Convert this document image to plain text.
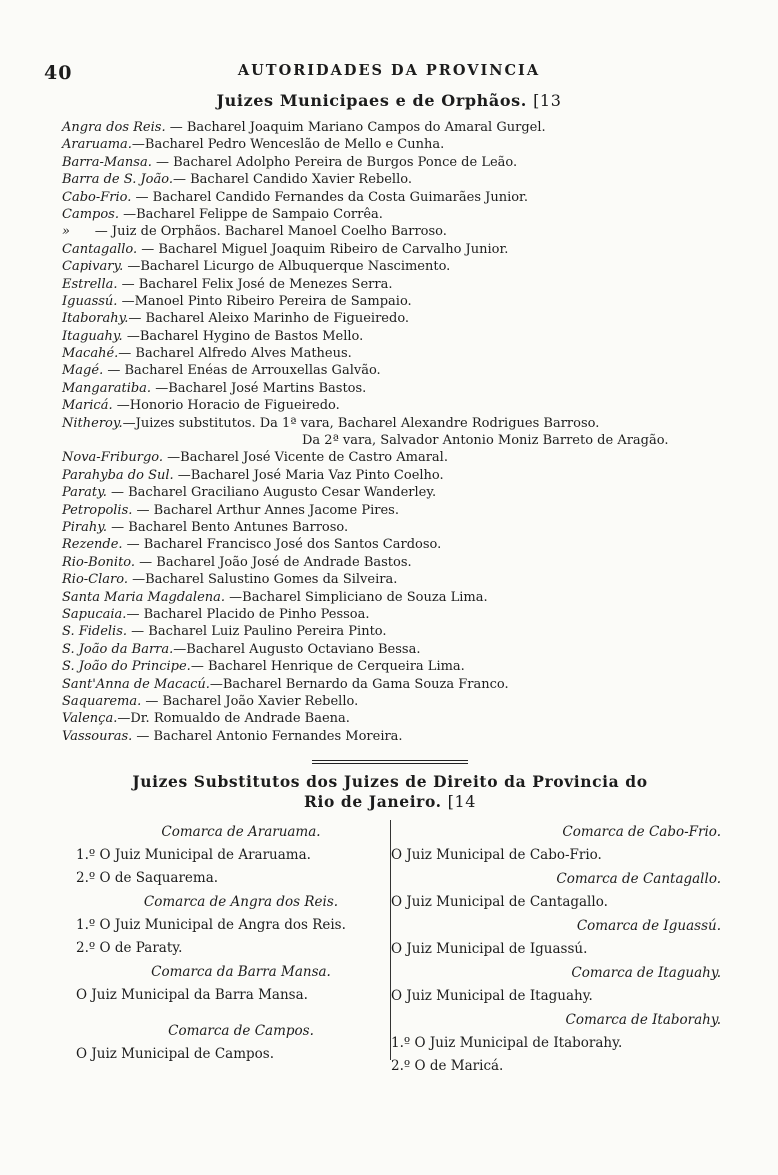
40	AUTORIDADES DA PROVINCIA
Juizes Municipaes e de Orphãos. [13
Angra dos Reis. — Bacharel Joaquim Mariano Campos do Amaral Gurgel.
Araruama.—Bacharel Pedro Wenceslão de Mello e Cunha.
Barra-Mansa. — Bacharel Adolpho Pereira de Burgos Ponce de Leão.
Barra de S. João.— Bacharel Candido Xavier Rebello.
Cabo-Frio. — Bacharel Candido Fernandes da Costa Guimarães Junior.
Campos. —Bacharel Felippe de Sampaio Corrêa.
»      — Juiz de Orphãos. Bacharel Manoel Coelho Barroso.
Cantagallo. — Bacharel Miguel Joaquim Ribeiro de Carvalho Junior.
Capivary. —Bacharel Licurgo de Albuquerque Nascimento.
Estrella. — Bacharel Felix José de Menezes Serra.
Iguassú. —Manoel Pinto Ribeiro Pereira de Sampaio.
Itaborahy.— Bacharel Aleixo Marinho de Figueiredo.
Itaguahy. —Bacharel Hygino de Bastos Mello.
Macahé.— Bacharel Alfredo Alves Matheus.
Magé. — Bacharel Enéas de Arrouxellas Galvão.
Mangaratiba. —Bacharel José Martins Bastos.
Maricá. —Honorio Horacio de Figueiredo.
Nitheroy.—Juizes substitutos. Da 1ª vara, Bacharel Alexandre Rodrigues Barroso.
Da 2ª vara, Salvador Antonio Moniz Barreto de Aragão.
Nova-Friburgo. —Bacharel José Vicente de Castro Amaral.
Parahyba do Sul. —Bacharel José Maria Vaz Pinto Coelho.
Paraty. — Bacharel Graciliano Augusto Cesar Wanderley.
Petropolis. — Bacharel Arthur Annes Jacome Pires.
Pirahy. — Bacharel Bento Antunes Barroso.
Rezende. — Bacharel Francisco José dos Santos Cardoso.
Rio-Bonito. — Bacharel João José de Andrade Bastos.
Rio-Claro. —Bacharel Salustino Gomes da Silveira.
Santa Maria Magdalena. —Bacharel Simpliciano de Souza Lima.
Sapucaia.— Bacharel Placido de Pinho Pessoa.
S. Fidelis. — Bacharel Luiz Paulino Pereira Pinto.
S. João da Barra.—Bacharel Augusto Octaviano Bessa.
S. João do Principe.— Bacharel Henrique de Cerqueira Lima.
Sant'Anna de Macacú.—Bacharel Bernardo da Gama Souza Franco.
Saquarema. — Bacharel João Xavier Rebello.
Valença.—Dr. Romualdo de Andrade Baena.
Vassouras. — Bacharel Antonio Fernandes Moreira.
Juizes Substitutos dos Juizes de Direito da Provincia do
Rio de Janeiro. [14
Comarca de Araruama.
1.º O Juiz Municipal de Araruama.
2.º O de Saquarema.
Comarca de Angra dos Reis.
1.º O Juiz Municipal de Angra dos Reis.
2.º O de Paraty.
Comarca da Barra Mansa.
O Juiz Municipal da Barra Mansa.
Comarca de Campos.
O Juiz Municipal de Campos.
Comarca de Cabo-Frio.
O Juiz Municipal de Cabo-Frio.
Comarca de Cantagallo.
O Juiz Municipal de Cantagallo.
Comarca de Iguassú.
O Juiz Municipal de Iguassú.
Comarca de Itaguahy.
O Juiz Municipal de Itaguahy.
Comarca de Itaborahy.
1.º O Juiz Municipal de Itaborahy.
2.º O de Maricá.
